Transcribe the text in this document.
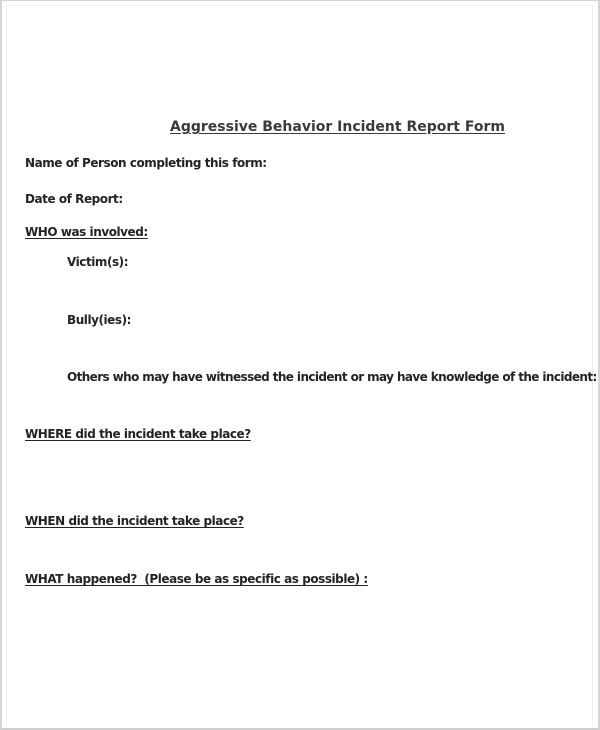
Aggressive Behavior Incident Report Form
Name of Person completing this form:
Date of Report:
WHO was involved:
Victim(s):
Bully(ies):
Others who may have witnessed the incident or may have knowledge of the incident:
WHERE did the incident take place?
WHEN did the incident take place?
WHAT happened?  (Please be as specific as possible) :
